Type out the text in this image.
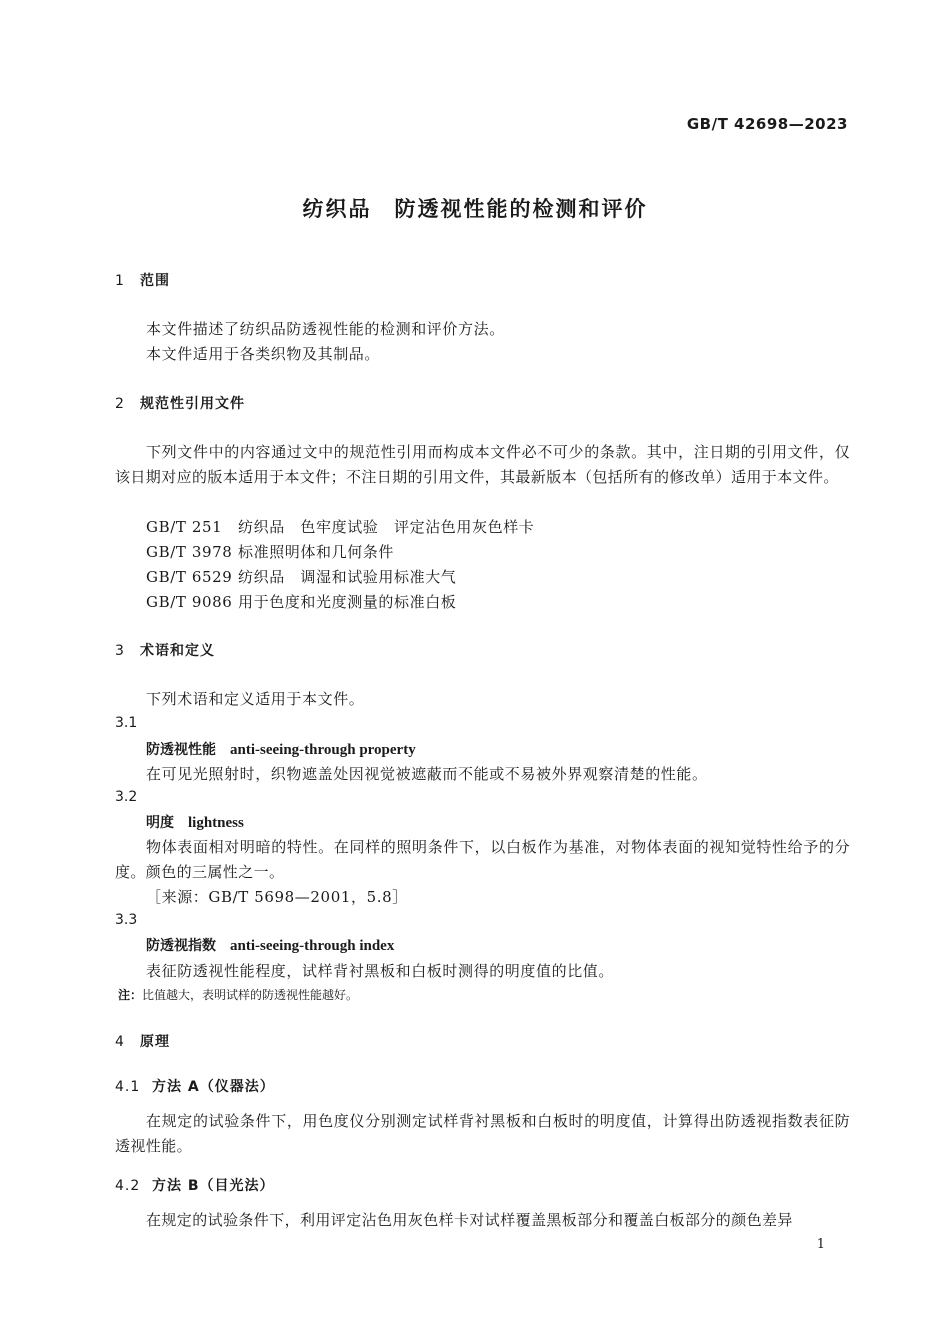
GB/T 42698—2023
纺织品　防透视性能的检测和评价
1 范围
本文件描述了纺织品防透视性能的检测和评价方法。
本文件适用于各类织物及其制品。
2 规范性引用文件
下列文件中的内容通过文中的规范性引用而构成本文件必不可少的条款。其中，注日期的引用文件，仅该日期对应的版本适用于本文件；不注日期的引用文件，其最新版本（包括所有的修改单）适用于本文件。
GB/T 251 纺织品　色牢度试验　评定沾色用灰色样卡
GB/T 3978 标准照明体和几何条件
GB/T 6529 纺织品　调湿和试验用标准大气
GB/T 9086 用于色度和光度测量的标准白板
3 术语和定义
下列术语和定义适用于本文件。
3.1
防透视性能 anti-seeing-through property
在可见光照射时，织物遮盖处因视觉被遮蔽而不能或不易被外界观察清楚的性能。
3.2
明度 lightness
物体表面相对明暗的特性。在同样的照明条件下，以白板作为基准，对物体表面的视知觉特性给予的分度。颜色的三属性之一。
［来源：GB/T 5698—2001，5.8］
3.3
防透视指数 anti-seeing-through index
表征防透视性能程度，试样背衬黑板和白板时测得的明度值的比值。
注：比值越大，表明试样的防透视性能越好。
4 原理
4.1 方法 A（仪器法）
在规定的试验条件下，用色度仪分别测定试样背衬黑板和白板时的明度值，计算得出防透视指数表征防透视性能。
4.2 方法 B（目光法）
在规定的试验条件下，利用评定沾色用灰色样卡对试样覆盖黑板部分和覆盖白板部分的颜色差异
1
